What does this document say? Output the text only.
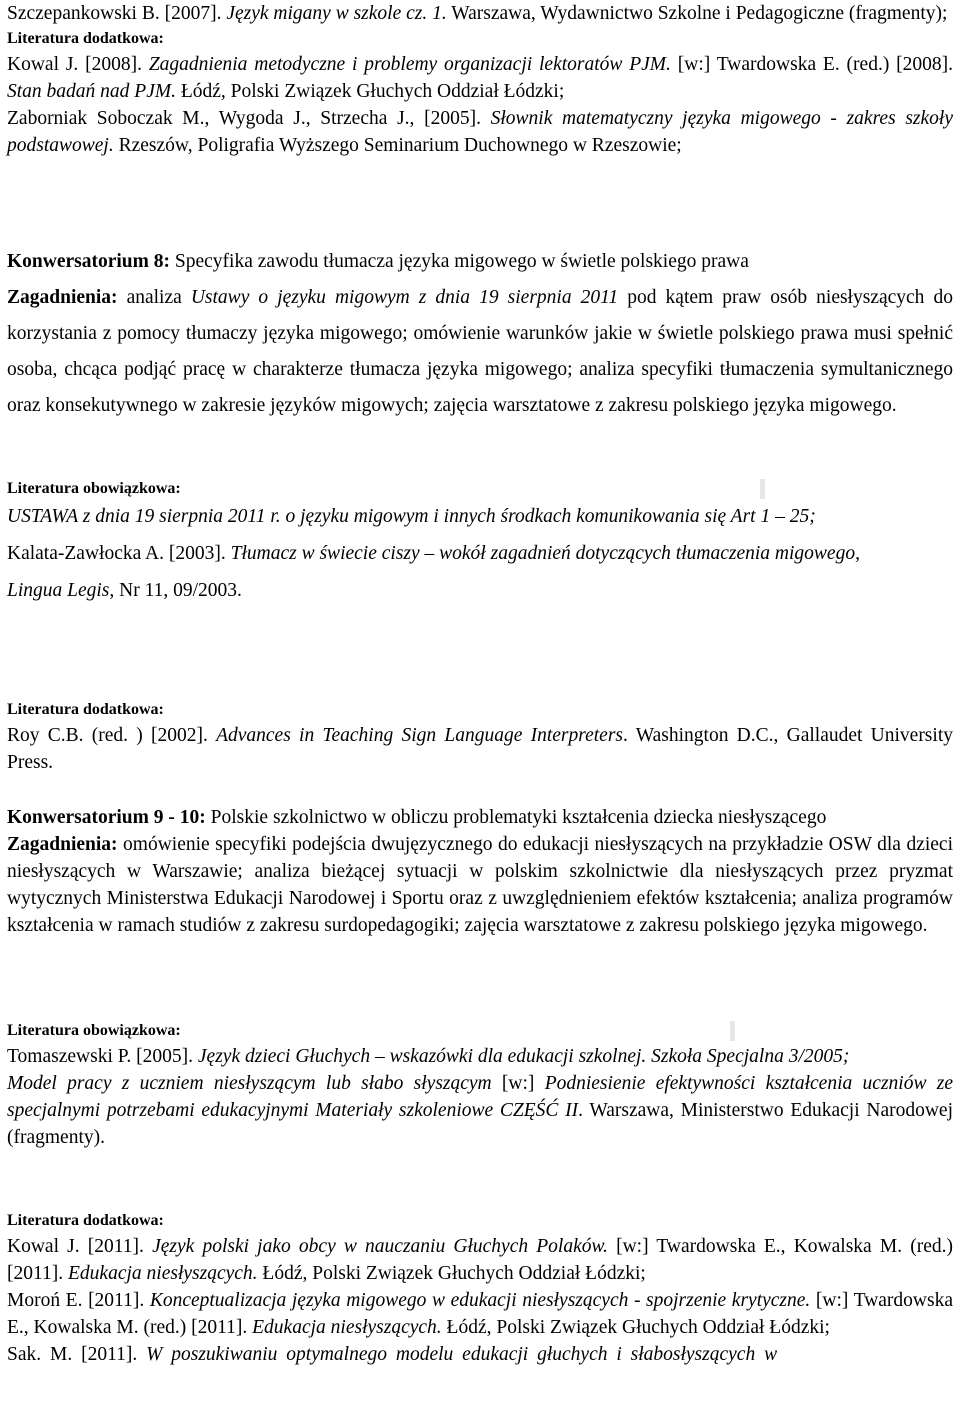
Szczepankowski B. [2007]. Język migany w szkole cz. 1. Warszawa, Wydawnictwo Szkolne i Pedagogiczne (fragmenty);

Literatura dodatkowa:

Kowal J. [2008]. Zagadnienia metodyczne i problemy organizacji lektoratów PJM. [w:] Twardowska E. (red.) [2008]. Stan badań nad PJM. Łódź, Polski Związek Głuchych Oddział Łódzki;

Zaborniak Soboczak M., Wygoda J., Strzecha J., [2005]. Słownik matematyczny języka migowego - zakres szkoły podstawowej. Rzeszów, Poligrafia Wyższego Seminarium Duchownego w Rzeszowie;

Konwersatorium 8: Specyfika zawodu tłumacza języka migowego w świetle polskiego prawa

Zagadnienia: analiza Ustawy o języku migowym z dnia 19 sierpnia 2011 pod kątem praw osób niesłyszących do korzystania z pomocy tłumaczy języka migowego; omówienie warunków jakie w świetle polskiego prawa musi spełnić osoba, chcąca podjąć pracę w charakterze tłumacza języka migowego; analiza specyfiki tłumaczenia symultanicznego oraz konsekutywnego w zakresie języków migowych; zajęcia warsztatowe z zakresu polskiego języka migowego.

Literatura obowiązkowa:

USTAWA z dnia 19 sierpnia 2011 r. o języku migowym i innych środkach komunikowania się Art 1 – 25;

Kalata-Zawłocka A. [2003]. Tłumacz w świecie ciszy – wokół zagadnień dotyczących tłumaczenia migowego,

Lingua Legis, Nr 11, 09/2003.

Literatura dodatkowa:

Roy C.B. (red. ) [2002]. Advances in Teaching Sign Language Interpreters. Washington D.C., Gallaudet University Press.

Konwersatorium 9 - 10: Polskie szkolnictwo w obliczu problematyki kształcenia dziecka niesłyszącego

Zagadnienia: omówienie specyfiki podejścia dwujęzycznego do edukacji niesłyszących na przykładzie OSW dla dzieci niesłyszących w Warszawie; analiza bieżącej sytuacji w polskim szkolnictwie dla niesłyszących przez pryzmat wytycznych Ministerstwa Edukacji Narodowej i Sportu oraz z uwzględnieniem efektów kształcenia; analiza programów kształcenia w ramach studiów z zakresu surdopedagogiki; zajęcia warsztatowe z zakresu polskiego języka migowego.

Literatura obowiązkowa:

Tomaszewski P. [2005]. Język dzieci Głuchych – wskazówki dla edukacji szkolnej. Szkoła Specjalna 3/2005;

Model pracy z uczniem niesłyszącym lub słabo słyszącym [w:] Podniesienie efektywności kształcenia uczniów ze specjalnymi potrzebami edukacyjnymi Materiały szkoleniowe CZĘŚĆ II. Warszawa, Ministerstwo Edukacji Narodowej (fragmenty).

Literatura dodatkowa:

Kowal J. [2011]. Język polski jako obcy w nauczaniu Głuchych Polaków. [w:] Twardowska E., Kowalska M. (red.) [2011]. Edukacja niesłyszących. Łódź, Polski Związek Głuchych Oddział Łódzki;

Moroń E. [2011]. Konceptualizacja języka migowego w edukacji niesłyszących - spojrzenie krytyczne. [w:] Twardowska E., Kowalska M. (red.) [2011]. Edukacja niesłyszących. Łódź, Polski Związek Głuchych Oddział Łódzki;

Sak. M. [2011]. W poszukiwaniu optymalnego modelu edukacji głuchych i słabosłyszących w
